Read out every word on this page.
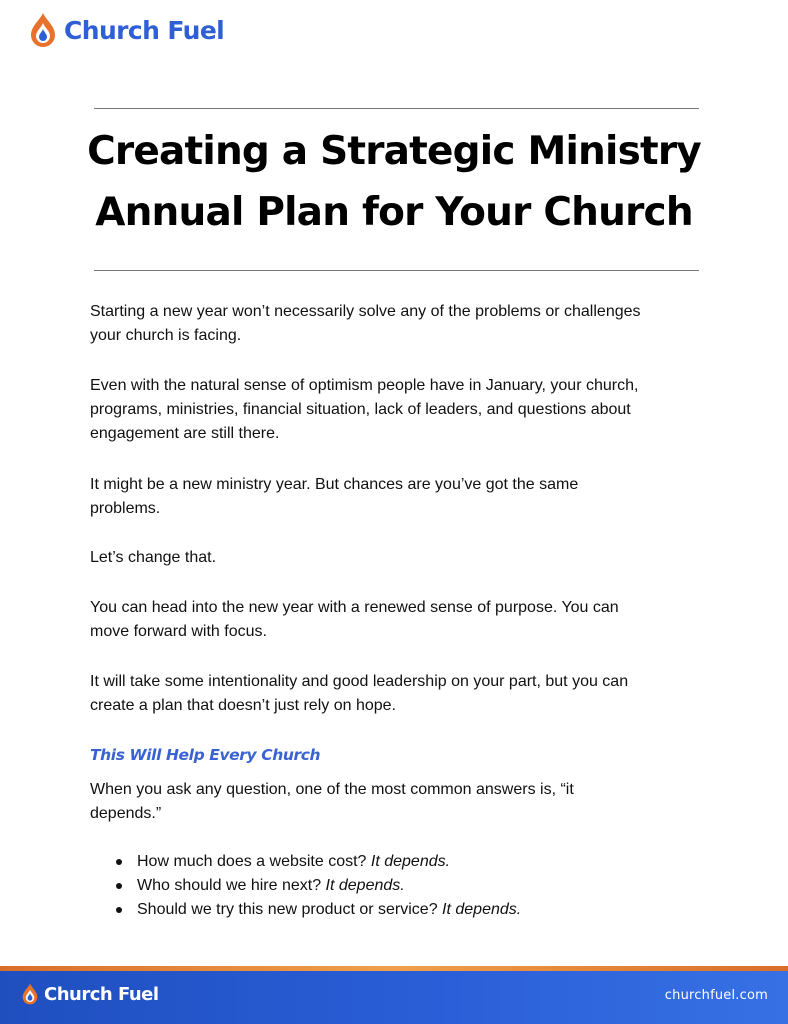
Church Fuel
Creating a Strategic Ministry
Annual Plan for Your Church

Starting a new year won’t necessarily solve any of the problems or challenges
your church is facing.

Even with the natural sense of optimism people have in January, your church,
programs, ministries, financial situation, lack of leaders, and questions about
engagement are still there.

It might be a new ministry year. But chances are you’ve got the same
problems.

Let’s change that.

You can head into the new year with a renewed sense of purpose. You can
move forward with focus.

It will take some intentionality and good leadership on your part, but you can
create a plan that doesn’t just rely on hope.

This Will Help Every Church

When you ask any question, one of the most common answers is, “it
depends.”

How much does a website cost? It depends.
Who should we hire next? It depends.
Should we try this new product or service? It depends.
Church Fuel	churchfuel.com
